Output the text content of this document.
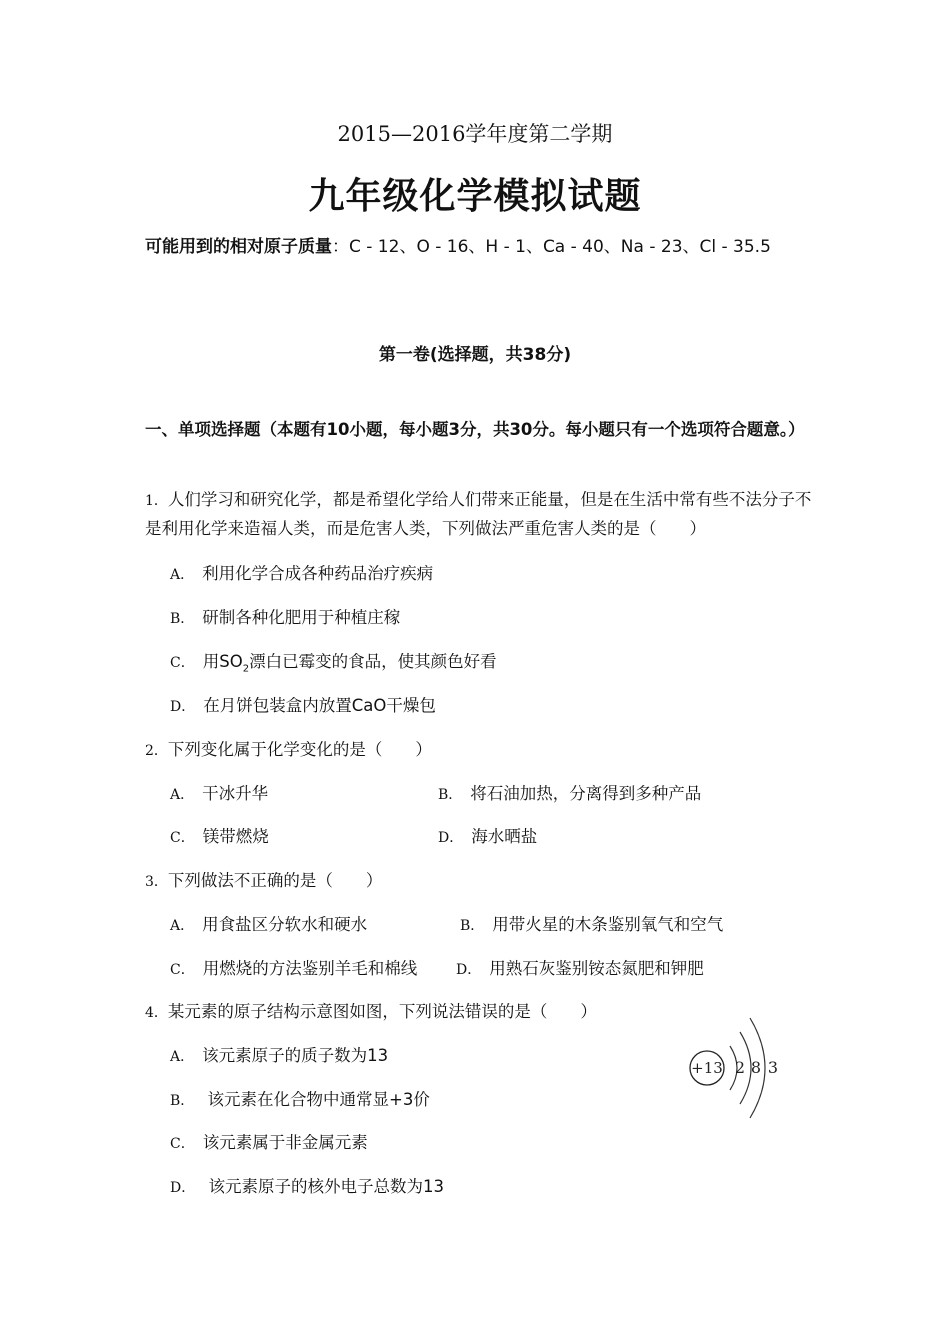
2015—2016学年度第二学期
九年级化学模拟试题
可能用到的相对原子质量：C - 12、O - 16、H - 1、Ca - 40、Na - 23、Cl - 35.5
第一卷(选择题，共38分)
一、单项选择题（本题有10小题，每小题3分，共30分。每小题只有一个选项符合题意。）
1．人们学习和研究化学，都是希望化学给人们带来正能量，但是在生活中常有些不法分子不是利用化学来造福人类，而是危害人类，下列做法严重危害人类的是（　　）
A． 利用化学合成各种药品治疗疾病
B． 研制各种化肥用于种植庄稼
C． 用$SO_2$漂白已霉变的食品，使其颜色好看
D． 在月饼包装盒内放置CaO干燥包
2．下列变化属于化学变化的是（　　）
A． 干冰升华	B． 将石油加热，分离得到多种产品
C． 镁带燃烧	D． 海水晒盐
3．下列做法不正确的是（　　）
A． 用食盐区分软水和硬水	B． 用带火星的木条鉴别氧气和空气
C． 用燃烧的方法鉴别羊毛和棉线	D． 用熟石灰鉴别铵态氮肥和钾肥
4．某元素的原子结构示意图如图，下列说法错误的是（　　）
A． 该元素原子的质子数为13
B． 该元素在化合物中通常显+3价
C． 该元素属于非金属元素
D． 该元素原子的核外电子总数为13
+13 2 8 3
